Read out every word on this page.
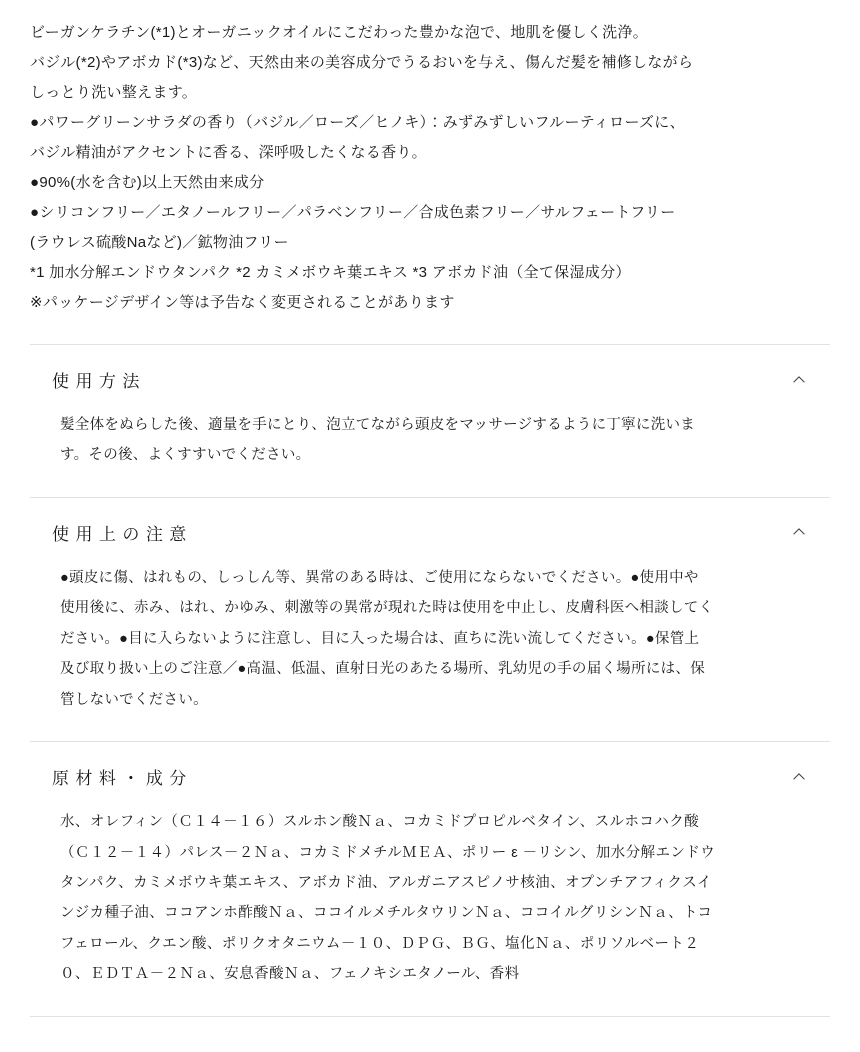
ビーガンケラチン(*1)とオーガニックオイルにこだわった豊かな泡で、地肌を優しく洗浄。

バジル(*2)やアボカド(*3)など、天然由来の美容成分でうるおいを与え、傷んだ髪を補修しながら

しっとり洗い整えます。

●パワーグリーンサラダの香り（バジル／ローズ／ヒノキ）：みずみずしいフルーティローズに、

バジル精油がアクセントに香る、深呼吸したくなる香り。

●90%(水を含む)以上天然由来成分

●シリコンフリー／エタノールフリー／パラベンフリー／合成色素フリー／サルフェートフリー

(ラウレス硫酸Naなど)／鉱物油フリー

*1 加水分解エンドウタンパク *2 カミメボウキ葉エキス *3 アボカド油（全て保湿成分）

※パッケージデザイン等は予告なく変更されることがあります

使用方法

髪全体をぬらした後、適量を手にとり、泡立てながら頭皮をマッサージするように丁寧に洗いま

す。その後、よくすすいでください。

使用上の注意

●頭皮に傷、はれもの、しっしん等、異常のある時は、ご使用にならないでください。●使用中や

使用後に、赤み、はれ、かゆみ、刺激等の異常が現れた時は使用を中止し、皮膚科医へ相談してく

ださい。●目に入らないように注意し、目に入った場合は、直ちに洗い流してください。●保管上

及び取り扱い上のご注意／●高温、低温、直射日光のあたる場所、乳幼児の手の届く場所には、保

管しないでください。

原材料・成分

水、オレフィン（Ｃ１４－１６）スルホン酸Ｎａ、コカミドプロピルベタイン、スルホコハク酸

（Ｃ１２－１４）パレス－２Ｎａ、コカミドメチルＭＥＡ、ポリー ε －リシン、加水分解エンドウ

タンパク、カミメボウキ葉エキス、アボカド油、アルガニアスピノサ核油、オプンチアフィクスイ

ンジカ種子油、ココアンホ酢酸Ｎａ、ココイルメチルタウリンＮａ、ココイルグリシンＮａ、トコ

フェロール、クエン酸、ポリクオタニウム－１０、ＤＰＧ、ＢＧ、塩化Ｎａ、ポリソルベート２

０、ＥＤＴＡ－２Ｎａ、安息香酸Ｎａ、フェノキシエタノール、香料
